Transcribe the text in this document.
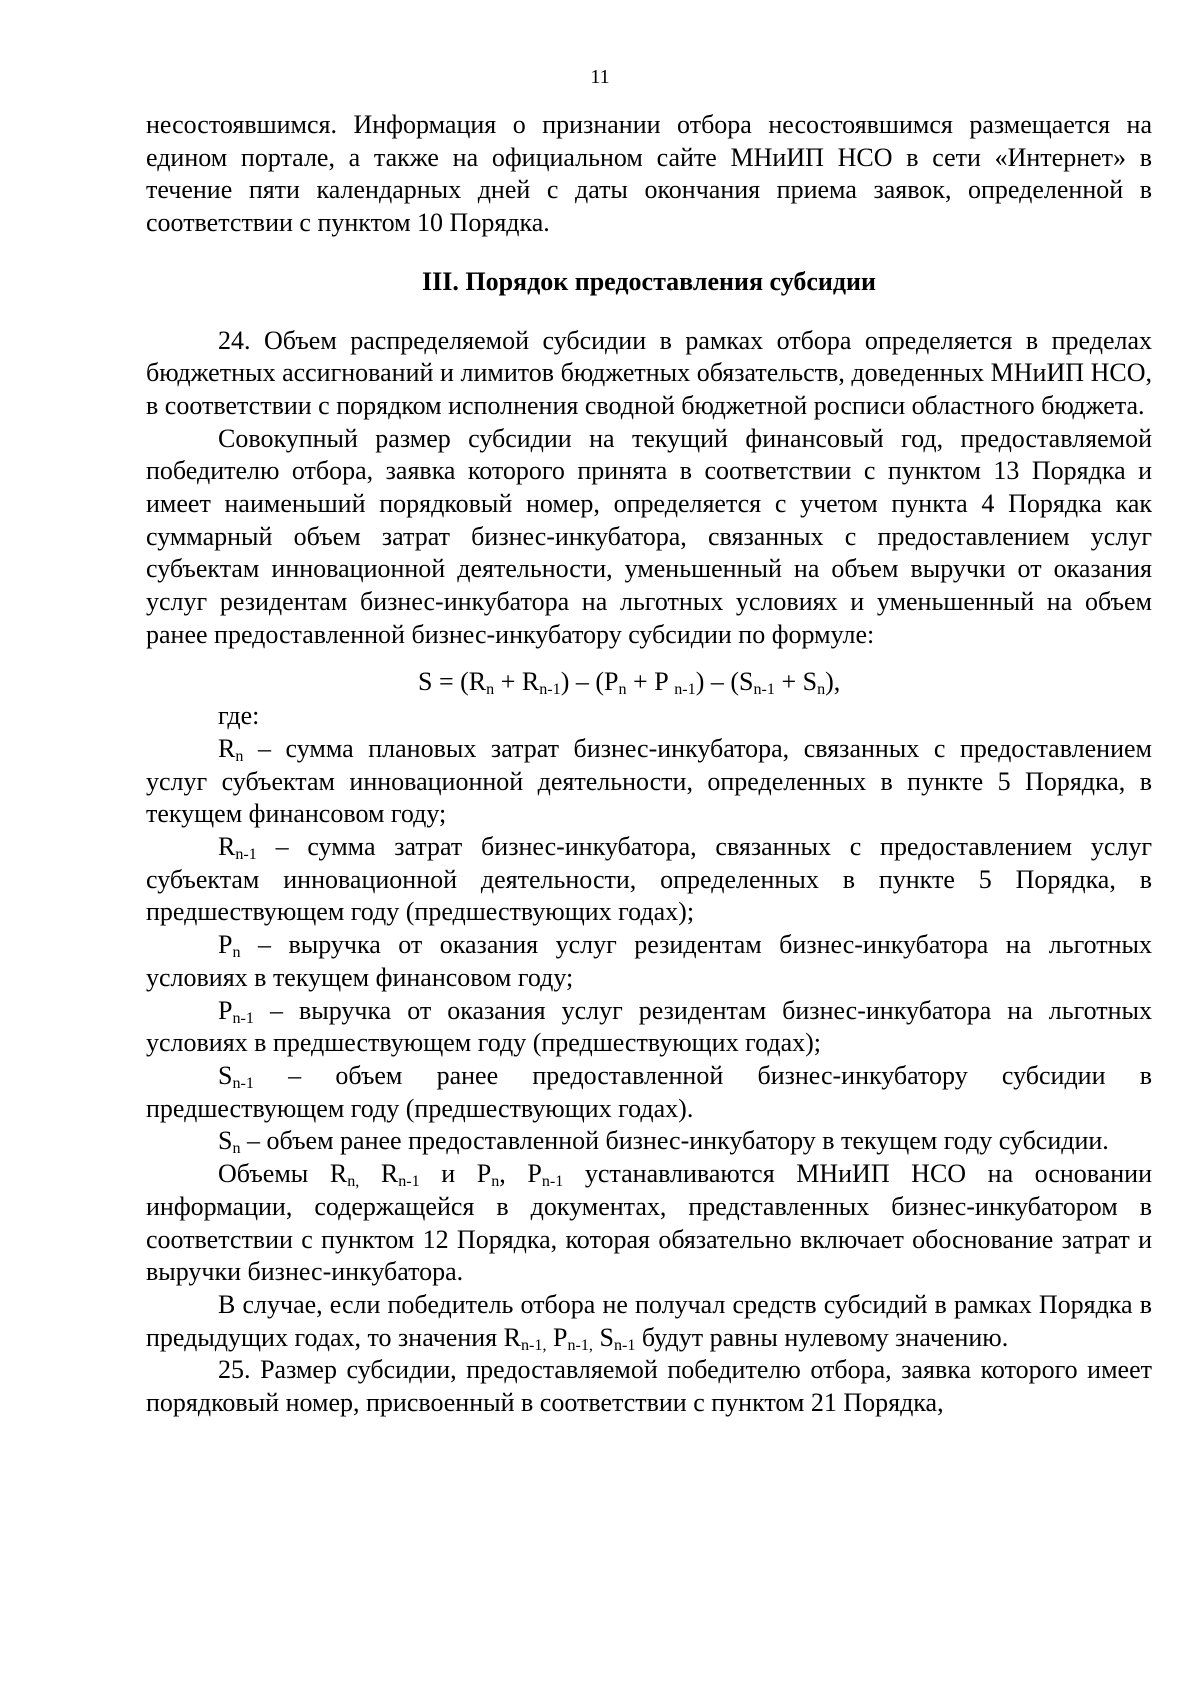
11

несостоявшимся. Информация о признании отбора несостоявшимся размещается на едином портале, а также на официальном сайте МНиИП НСО в сети «Интернет» в течение пяти календарных дней с даты окончания приема заявок, определенной в соответствии с пунктом 10 Порядка.

III. Порядок предоставления субсидии

24. Объем распределяемой субсидии в рамках отбора определяется в пределах бюджетных ассигнований и лимитов бюджетных обязательств, доведенных МНиИП НСО, в соответствии с порядком исполнения сводной бюджетной росписи областного бюджета.

Совокупный размер субсидии на текущий финансовый год, предоставляемой победителю отбора, заявка которого принята в соответствии с пунктом 13 Порядка и имеет наименьший порядковый номер, определяется с учетом пункта 4 Порядка как суммарный объем затрат бизнес-инкубатора, связанных с предоставлением услуг субъектам инновационной деятельности, уменьшенный на объем выручки от оказания услуг резидентам бизнес-инкубатора на льготных условиях и уменьшенный на объем ранее предоставленной бизнес-инкубатору субсидии по формуле:

$S = (R_n + R_{n-1}) - (P_n + P$ $_{n-1}) - (S_{n-1} + S_n)$,

где:

$R_n$ – сумма плановых затрат бизнес-инкубатора, связанных с предоставлением услуг субъектам инновационной деятельности, определенных в пункте 5 Порядка, в текущем финансовом году;

$R_{n-1}$ – сумма затрат бизнес-инкубатора, связанных с предоставлением услуг субъектам инновационной деятельности, определенных в пункте 5 Порядка, в предшествующем году (предшествующих годах);

$P_n$ – выручка от оказания услуг резидентам бизнес-инкубатора на льготных условиях в текущем финансовом году;

$P_{n-1}$ – выручка от оказания услуг резидентам бизнес-инкубатора на льготных условиях в предшествующем году (предшествующих годах);

$S_{n-1}$ – объем ранее предоставленной бизнес-инкубатору субсидии в предшествующем году (предшествующих годах).

$S_n$ – объем ранее предоставленной бизнес-инкубатору в текущем году субсидии.

Объемы $R_{n,}$ $R_{n-1}$ и $P_n$, $P_{n-1}$ устанавливаются МНиИП НСО на основании информации, содержащейся в документах, представленных бизнес-инкубатором в соответствии с пунктом 12 Порядка, которая обязательно включает обоснование затрат и выручки бизнес-инкубатора.

В случае, если победитель отбора не получал средств субсидий в рамках Порядка в предыдущих годах, то значения $R_{n-1,}$ $P_{n-1,}$ $S_{n-1}$ будут равны нулевому значению.

25. Размер субсидии, предоставляемой победителю отбора, заявка которого имеет порядковый номер, присвоенный в соответствии с пунктом 21 Порядка,
